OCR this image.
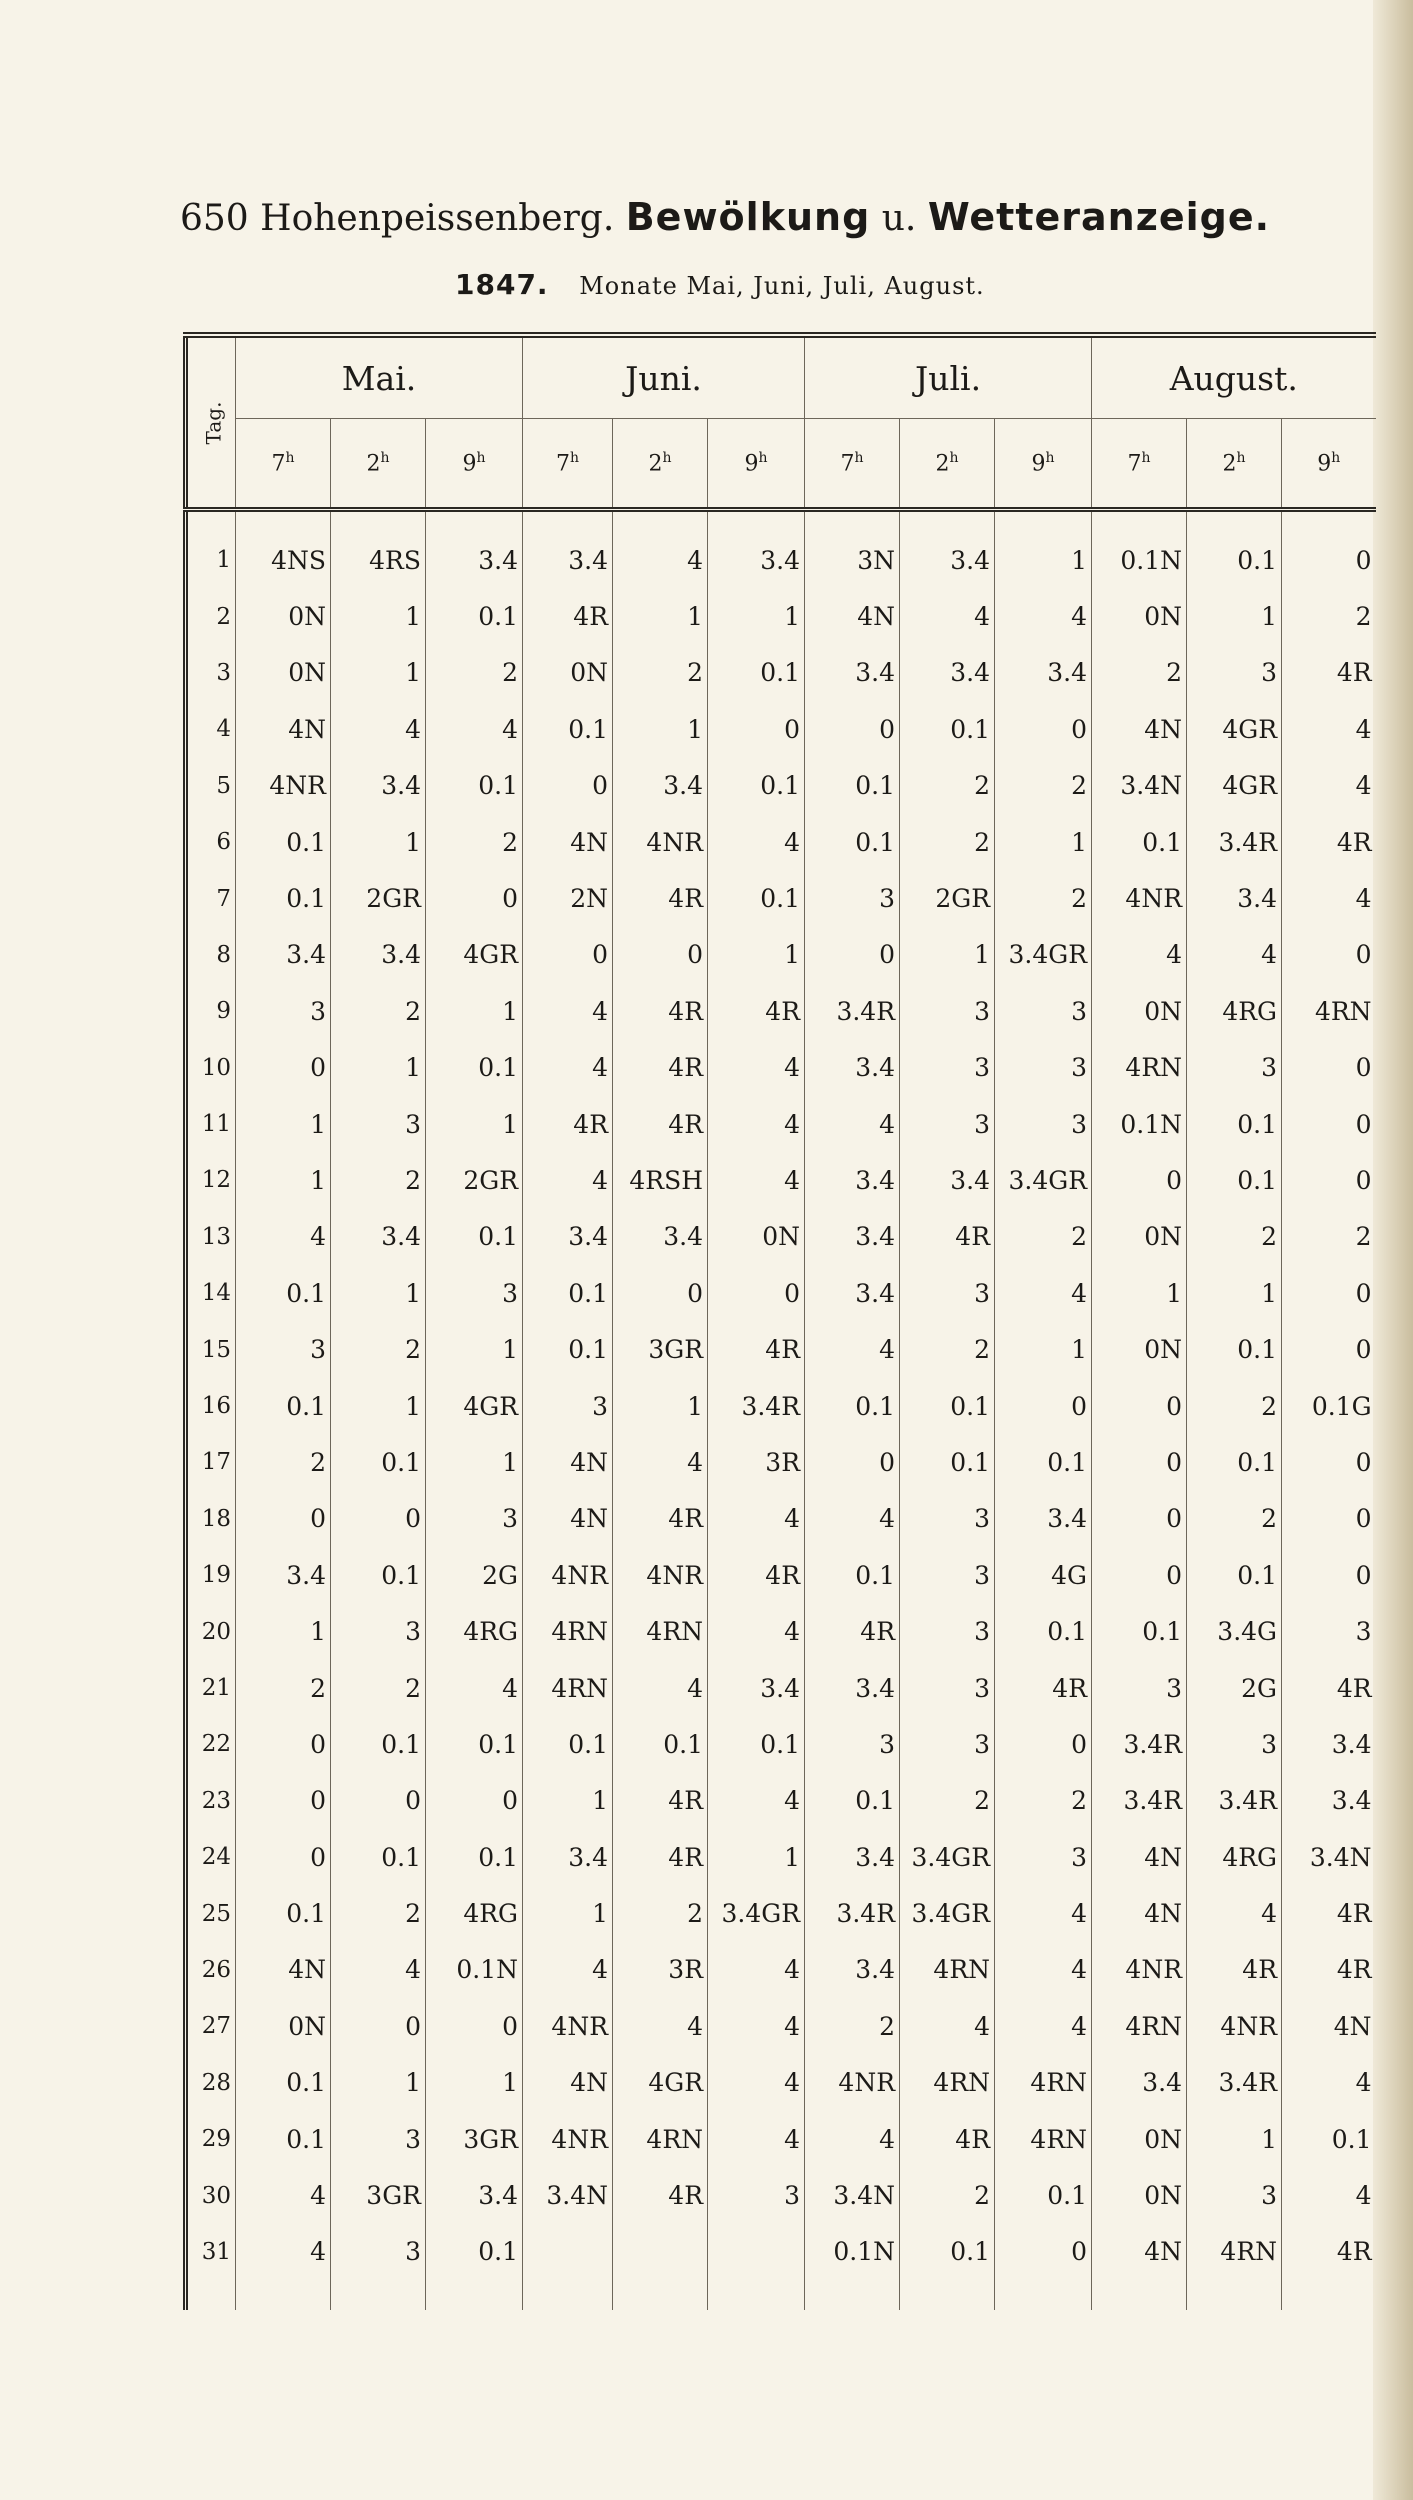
650 Hohenpeissenberg. Bewölkung u. Wetteranzeige.
1847. Monate Mai, Juni, Juli, August.
Tag.	Mai.			Juni.			Juli.			August.		
	7$^h$	2$^h$	9$^h$	7$^h$	2$^h$	9$^h$	7$^h$	2$^h$	9$^h$	7$^h$	2$^h$	9$^h$

1	4NS	4RS	3.4	3.4	4	3.4	3N	3.4	1	0.1N	0.1	0
2	0N	1	0.1	4R	1	1	4N	4	4	0N	1	2
3	0N	1	2	0N	2	0.1	3.4	3.4	3.4	2	3	4R
4	4N	4	4	0.1	1	0	0	0.1	0	4N	4GR	4
5	4NR	3.4	0.1	0	3.4	0.1	0.1	2	2	3.4N	4GR	4
6	0.1	1	2	4N	4NR	4	0.1	2	1	0.1	3.4R	4R
7	0.1	2GR	0	2N	4R	0.1	3	2GR	2	4NR	3.4	4
8	3.4	3.4	4GR	0	0	1	0	1	3.4GR	4	4	0
9	3	2	1	4	4R	4R	3.4R	3	3	0N	4RG	4RN
10	0	1	0.1	4	4R	4	3.4	3	3	4RN	3	0
11	1	3	1	4R	4R	4	4	3	3	0.1N	0.1	0
12	1	2	2GR	4	4RSH	4	3.4	3.4	3.4GR	0	0.1	0
13	4	3.4	0.1	3.4	3.4	0N	3.4	4R	2	0N	2	2
14	0.1	1	3	0.1	0	0	3.4	3	4	1	1	0
15	3	2	1	0.1	3GR	4R	4	2	1	0N	0.1	0
16	0.1	1	4GR	3	1	3.4R	0.1	0.1	0	0	2	0.1G
17	2	0.1	1	4N	4	3R	0	0.1	0.1	0	0.1	0
18	0	0	3	4N	4R	4	4	3	3.4	0	2	0
19	3.4	0.1	2G	4NR	4NR	4R	0.1	3	4G	0	0.1	0
20	1	3	4RG	4RN	4RN	4	4R	3	0.1	0.1	3.4G	3
21	2	2	4	4RN	4	3.4	3.4	3	4R	3	2G	4R
22	0	0.1	0.1	0.1	0.1	0.1	3	3	0	3.4R	3	3.4
23	0	0	0	1	4R	4	0.1	2	2	3.4R	3.4R	3.4
24	0	0.1	0.1	3.4	4R	1	3.4	3.4GR	3	4N	4RG	3.4N
25	0.1	2	4RG	1	2	3.4GR	3.4R	3.4GR	4	4N	4	4R
26	4N	4	0.1N	4	3R	4	3.4	4RN	4	4NR	4R	4R
27	0N	0	0	4NR	4	4	2	4	4	4RN	4NR	4N
28	0.1	1	1	4N	4GR	4	4NR	4RN	4RN	3.4	3.4R	4
29	0.1	3	3GR	4NR	4RN	4	4	4R	4RN	0N	1	0.1
30	4	3GR	3.4	3.4N	4R	3	3.4N	2	0.1	0N	3	4
31	4	3	0.1				0.1N	0.1	0	4N	4RN	4R
